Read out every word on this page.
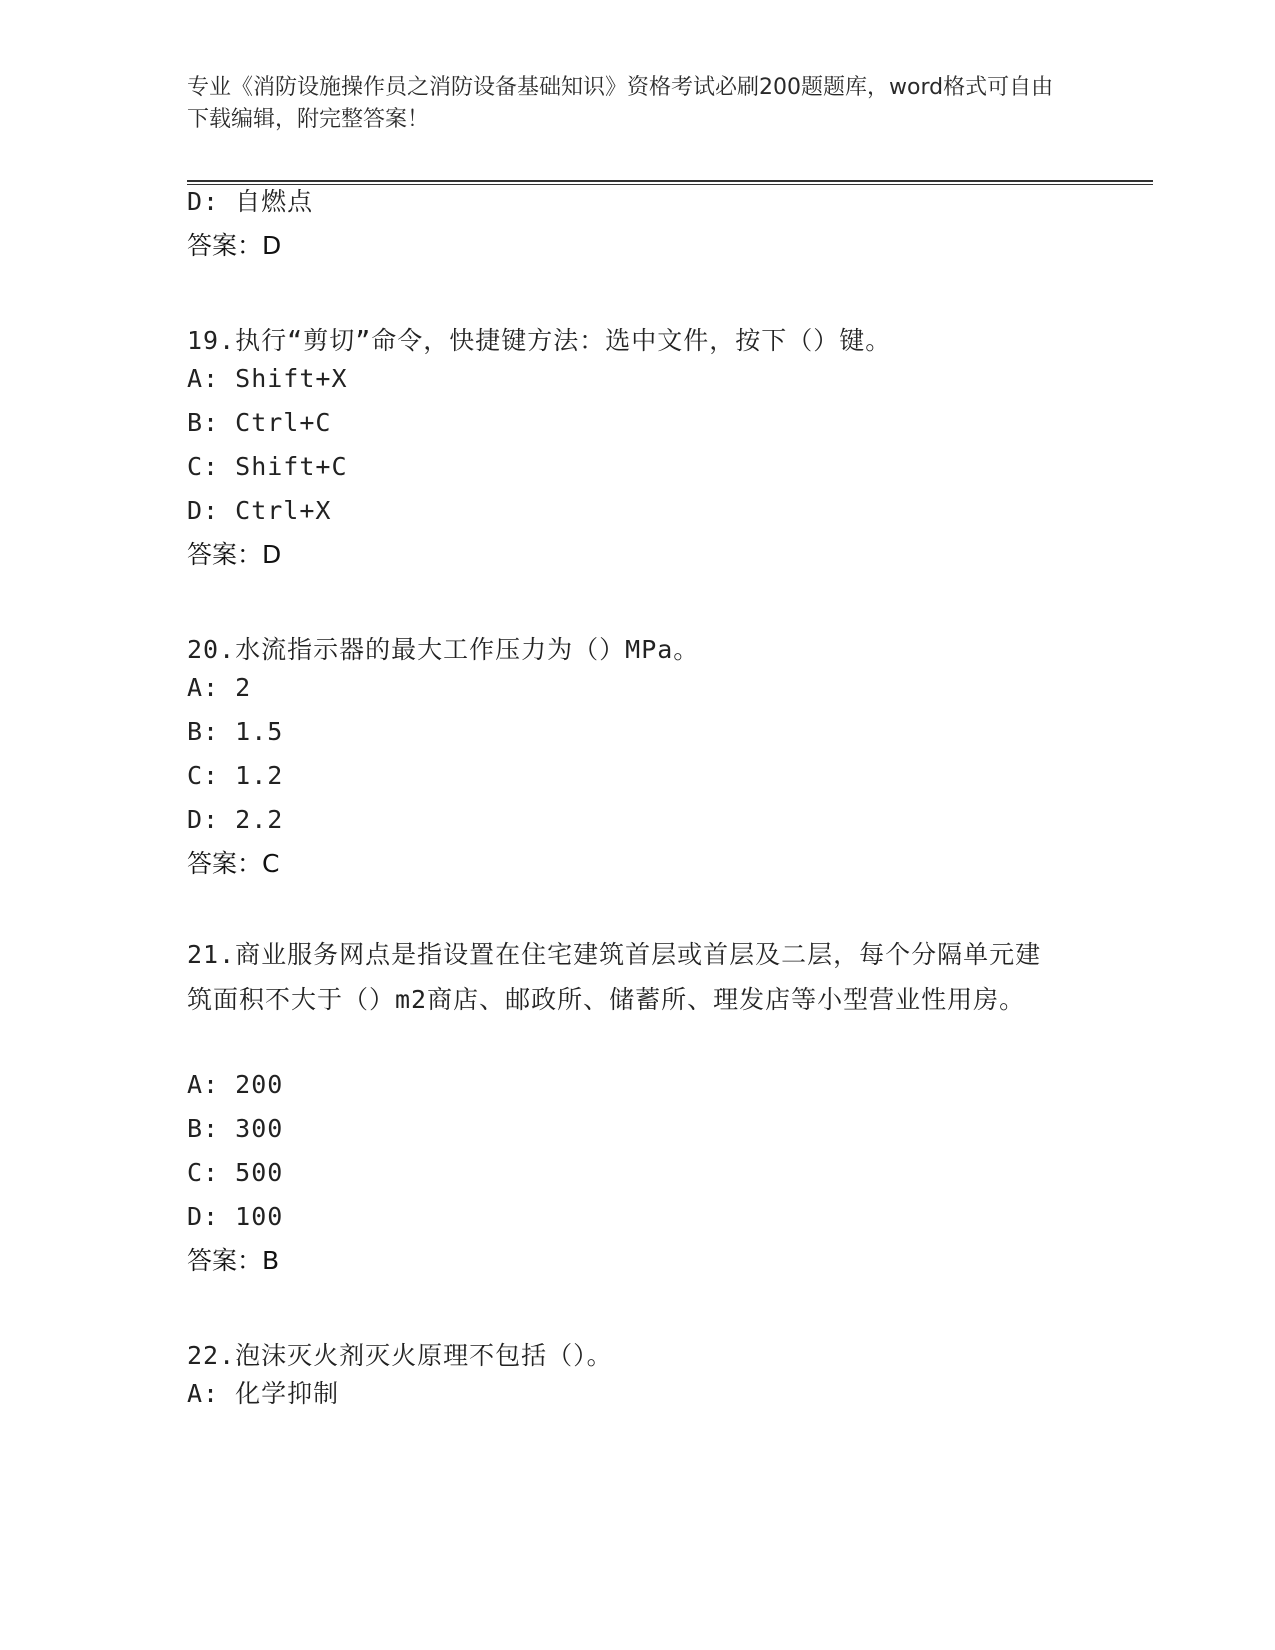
专业《消防设施操作员之消防设备基础知识》资格考试必刷200题题库，word格式可自由下载编辑，附完整答案！
D: 自燃点
答案：D
19.执行“剪切”命令，快捷键方法：选中文件，按下（）键。
A: Shift+X
B: Ctrl+C
C: Shift+C
D: Ctrl+X
答案：D
20.水流指示器的最大工作压力为（）MPa。
A: 2
B: 1.5
C: 1.2
D: 2.2
答案：C
21.商业服务网点是指设置在住宅建筑首层或首层及二层，每个分隔单元建筑面积不大于（）m2商店、邮政所、储蓄所、理发店等小型营业性用房。
A: 200
B: 300
C: 500
D: 100
答案：B
22.泡沫灭火剂灭火原理不包括（）。
A: 化学抑制
